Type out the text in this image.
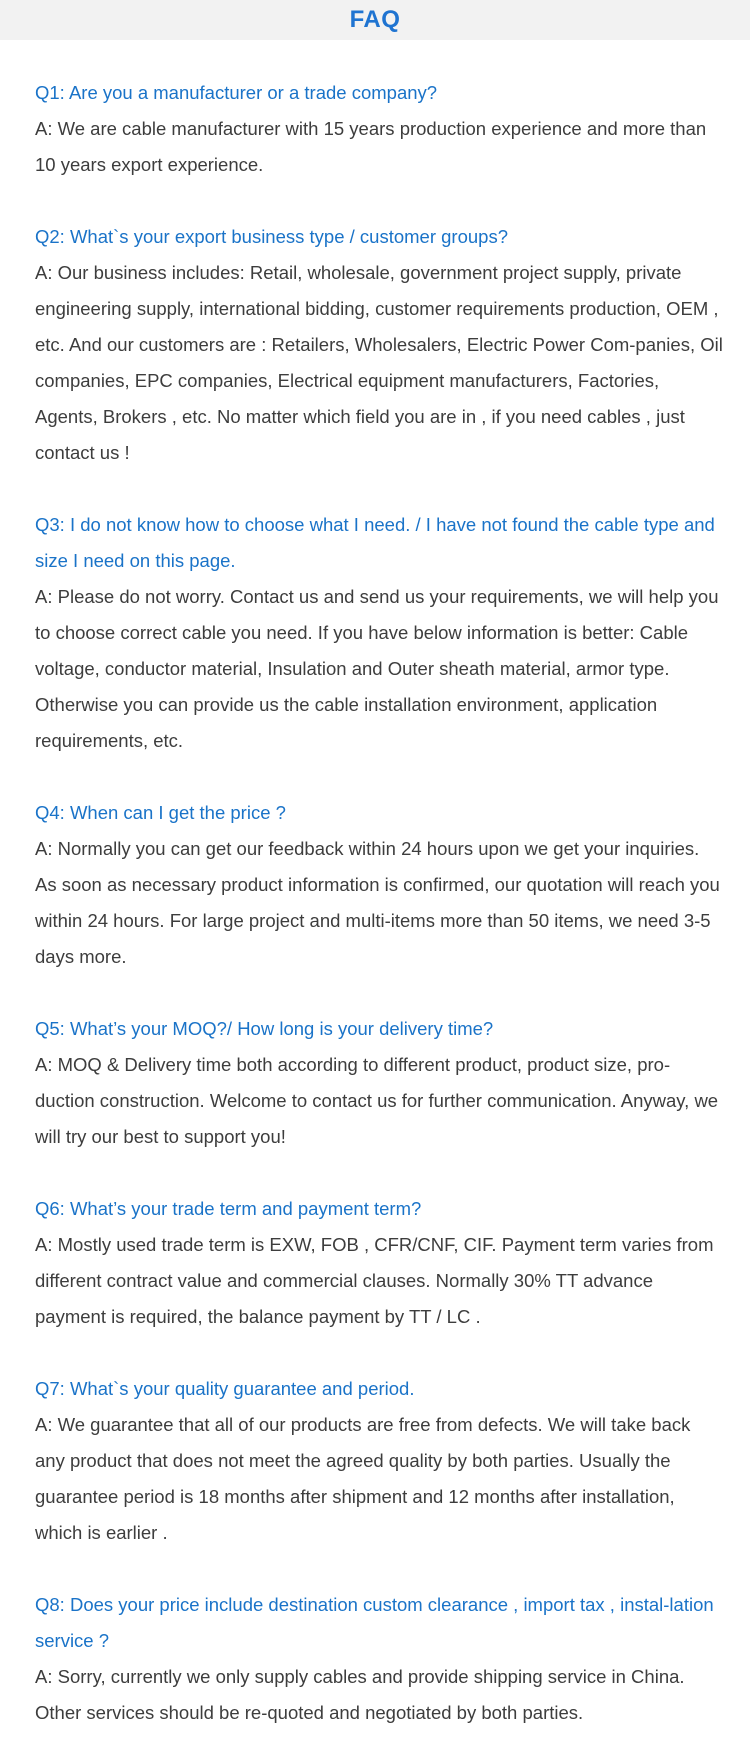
FAQ

Q1: Are you a manufacturer or a trade company?

A: We are cable manufacturer with 15 years production experience and more than 10 years export experience.

Q2: What`s your export business type / customer groups?

A: Our business includes: Retail, wholesale, government project supply, private engineering supply, international bidding, customer requirements production, OEM , etc. And our customers are : Retailers, Wholesalers, Electric Power Com-panies, Oil companies, EPC companies, Electrical equipment manufacturers, Factories, Agents, Brokers , etc. No matter which field you are in , if you need cables , just contact us !

Q3: I do not know how to choose what I need. / I have not found the cable type and size I need on this page.

A: Please do not worry. Contact us and send us your requirements, we will help you to choose correct cable you need. If you have below information is better: Cable voltage, conductor material, Insulation and Outer sheath material, armor type. Otherwise you can provide us the cable installation environment, application requirements, etc.

Q4: When can I get the price ?

A: Normally you can get our feedback within 24 hours upon we get your inquiries. As soon as necessary product information is confirmed, our quotation will reach you within 24 hours. For large project and multi-items more than 50 items, we need 3-5 days more.

Q5: What’s your MOQ?/ How long is your delivery time?

A: MOQ & Delivery time both according to different product, product size, pro-duction construction. Welcome to contact us for further communication. Anyway, we will try our best to support you!

Q6: What’s your trade term and payment term?

A: Mostly used trade term is EXW, FOB , CFR/CNF, CIF. Payment term varies from different contract value and commercial clauses. Normally 30% TT advance payment is required, the balance payment by TT / LC .

Q7: What`s your quality guarantee and period.

A: We guarantee that all of our products are free from defects. We will take back any product that does not meet the agreed quality by both parties. Usually the guarantee period is 18 months after shipment and 12 months after installation, which is earlier .

Q8: Does your price include destination custom clearance , import tax , instal-lation service ?

A: Sorry, currently we only supply cables and provide shipping service in China. Other services should be re-quoted and negotiated by both parties.
